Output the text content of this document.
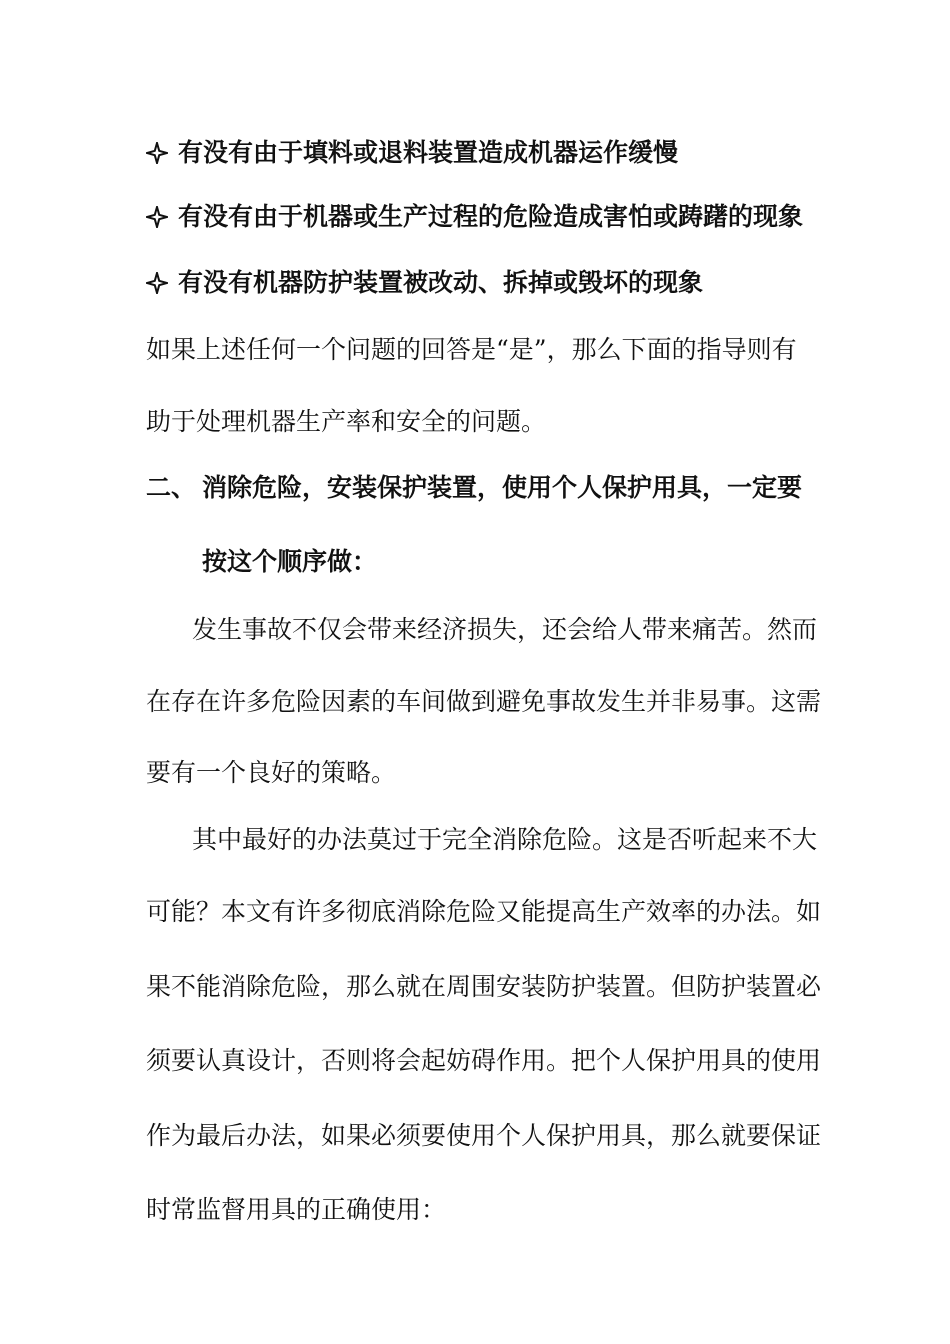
有没有由于填料或退料装置造成机器运作缓慢
有没有由于机器或生产过程的危险造成害怕或踌躇的现象
有没有机器防护装置被改动、拆掉或毁坏的现象
如果上述任何一个问题的回答是“是”，那么下面的指导则有
助于处理机器生产率和安全的问题。
二、 消除危险，安装保护装置，使用个人保护用具，一定要
按这个顺序做：
发生事故不仅会带来经济损失，还会给人带来痛苦。然而
在存在许多危险因素的车间做到避免事故发生并非易事。这需
要有一个良好的策略。
其中最好的办法莫过于完全消除危险。这是否听起来不大
可能？本文有许多彻底消除危险又能提高生产效率的办法。如
果不能消除危险，那么就在周围安装防护装置。但防护装置必
须要认真设计，否则将会起妨碍作用。把个人保护用具的使用
作为最后办法，如果必须要使用个人保护用具，那么就要保证
时常监督用具的正确使用：
